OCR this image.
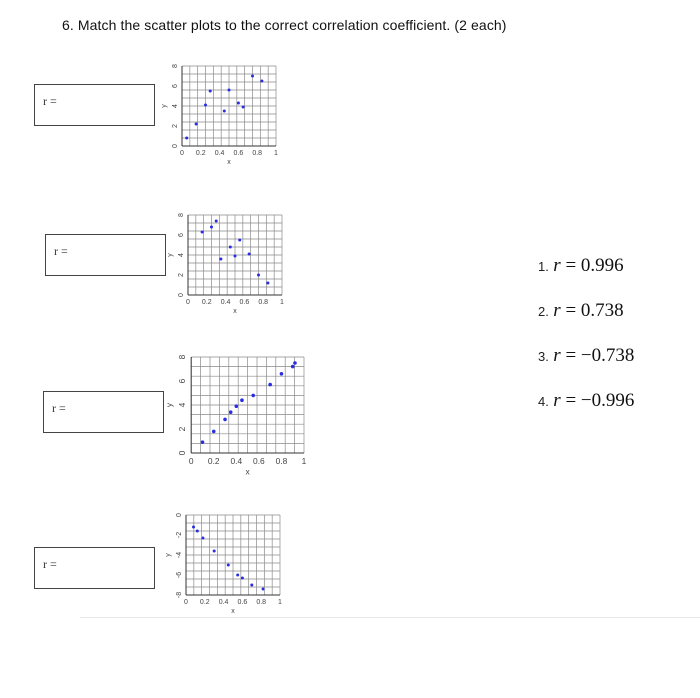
6. Match the scatter plots to the correct correlation coefficient. (2 each)
r =
r =
r =
r =
0 0.2 0.4 0.6 0.8 1
8
6
4
2
0
x
y
0 0.2 0.4 0.6 0.8 1
8
6
4
2
0
x
y
0 0.2 0.4 0.6 0.8 1
8
6
4
2
0
x
y
0 0.2 0.4 0.6 0.8 1
0
-2
-4
-6
-8
x
y
1. r = 0.996
2. r = 0.738
3. r = −0.738
4. r = −0.996
